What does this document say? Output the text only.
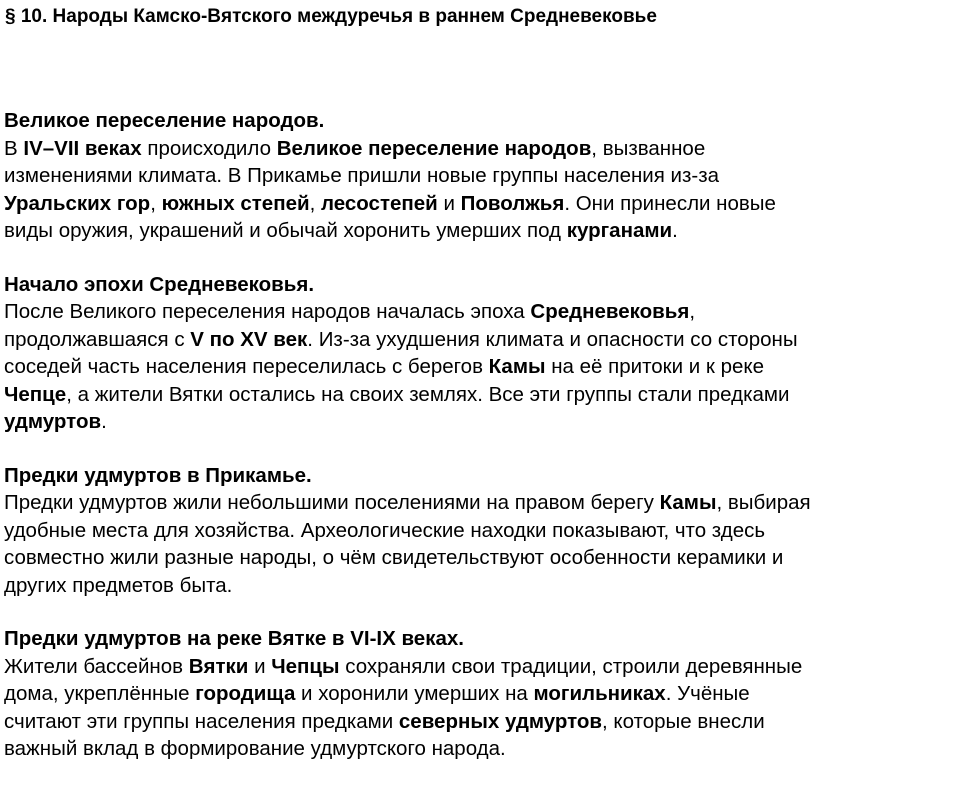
§ 10. Народы Камско-Вятского междуречья в раннем Средневековье
Великое переселение народов.
В IV–VII веках происходило Великое переселение народов, вызванное
изменениями климата. В Прикамье пришли новые группы населения из-за
Уральских гор, южных степей, лесостепей и Поволжья. Они принесли новые
виды оружия, украшений и обычай хоронить умерших под курганами.
Начало эпохи Средневековья.
После Великого переселения народов началась эпоха Средневековья,
продолжавшаяся с V по XV век. Из-за ухудшения климата и опасности со стороны
соседей часть населения переселилась с берегов Камы на её притоки и к реке
Чепце, а жители Вятки остались на своих землях. Все эти группы стали предками
удмуртов.
Предки удмуртов в Прикамье.
Предки удмуртов жили небольшими поселениями на правом берегу Камы, выбирая
удобные места для хозяйства. Археологические находки показывают, что здесь
совместно жили разные народы, о чём свидетельствуют особенности керамики и
других предметов быта.
Предки удмуртов на реке Вятке в VI-IX веках.
Жители бассейнов Вятки и Чепцы сохраняли свои традиции, строили деревянные
дома, укреплённые городища и хоронили умерших на могильниках. Учёные
считают эти группы населения предками северных удмуртов, которые внесли
важный вклад в формирование удмуртского народа.
